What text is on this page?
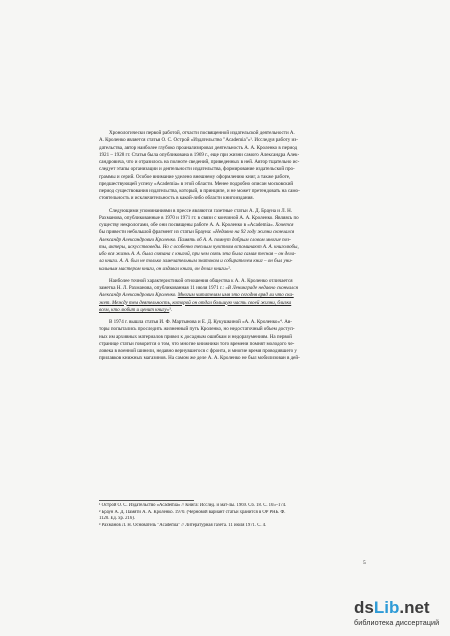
Хронологически первой работой, отчасти посвященной издательской деятельности А.
А. Кроленко является статья О. С. Острой «Издательство "Academia"»¹. Исследуя работу из-
дательства, автор наиболее глубоко проанализировал деятельность А. А. Кроленко в период
1921 – 1928 гг. Статья была опубликована в 1969 г., еще при жизни самого Александра Алек-
сандровича, что и отразилось на полноте сведений, приведенных в ней. Автор тщательно ис-
следует этапы организации и деятельности издательства, формирование издательской про-
граммы и серий. Особое внимание уделено внешнему оформлению книг, а также работе,
предшествующей успеху «Academia» в этой области. Менее подробно описан московский
период существования издательства, который, в принципе, и не может претендовать на само-
стоятельность и исключительность в какой-либо области книгоиздания.
Следующими упоминаниями в прессе являются газетные статьи А. Д. Брауна и Л. Н.
Рахманова, опубликованные в 1970 и 1971 гг. в связи с кончиной А. А. Кроленко. Являясь по
существу некрологами, обе они посвящены работе А. А. Кроленко в «Academia». Хочется
бы привести небольшой фрагмент из статьи Брауна: «Недавно на 92 году жизни скончался
Александр Александрович Кроленко. Память об А. А. помнут добрым словом многие поэ-
ты, актеры, искусствоведы. Но с особенно теплым чувством вспоминают А. А. книголюбы,
ибо вся жизнь А. А. была связана с книгой, при чем связь эта была самая тесная – он дела-
ла книги. А. А. был не только замечательным знатоком и собирателем книг – он был уни-
кальным мастером книги, он издавал книги, он делал книги»².
Наиболее точной характеристикой отношения общества к А. А. Кроленко отличается
заметка Н. Л. Рахманова, опубликованная 11 июля 1971 г.: «В Ленинграде недавно скончался
Александр Александрович Кроленко. Многим читателям имя это сегодня вряд ли что ска-
жет. Между тем деятельность, которой он отдал большую часть своей жизни, близка
всем, кто любит и ценит книгу»³.
В 1974 г. вышла статья И. Ф. Мартынова и Е. Д. Кукушкиной «А. А. Кроленко»⁴. Ав-
торы попытались проследить жизненный путь Кроленко, но недостаточный объем доступ-
ных им архивных материалов привел к досадным ошибкам и недоразумениям. На первой
странице статьи говорится о том, что многие книжники того времени помнят молодого че-
ловека в военной шинели, недавно вернувшегося с фронта, и многие время проводившего у
прилавков книжных магазинов. На самом же деле А. А. Кроленко не был мобилизован в дей-
¹ Острой О. С. Издательство «Academia» // Книга: Исслед. и мат-лы. 1969. Сб. 18. С. 165–174.
² Браун А. Д. Памяти А. А. Кроленко. 1970. (Черновой вариант статьи хранится в ОР РНБ. Ф.
1120. Ед. хр. 216).
³ Рахманов Л. Н. Основатель "Academia" // Литературная газета. 11 июля 1971. С. 4.
5
dsLib.net
библиотека диссертаций
